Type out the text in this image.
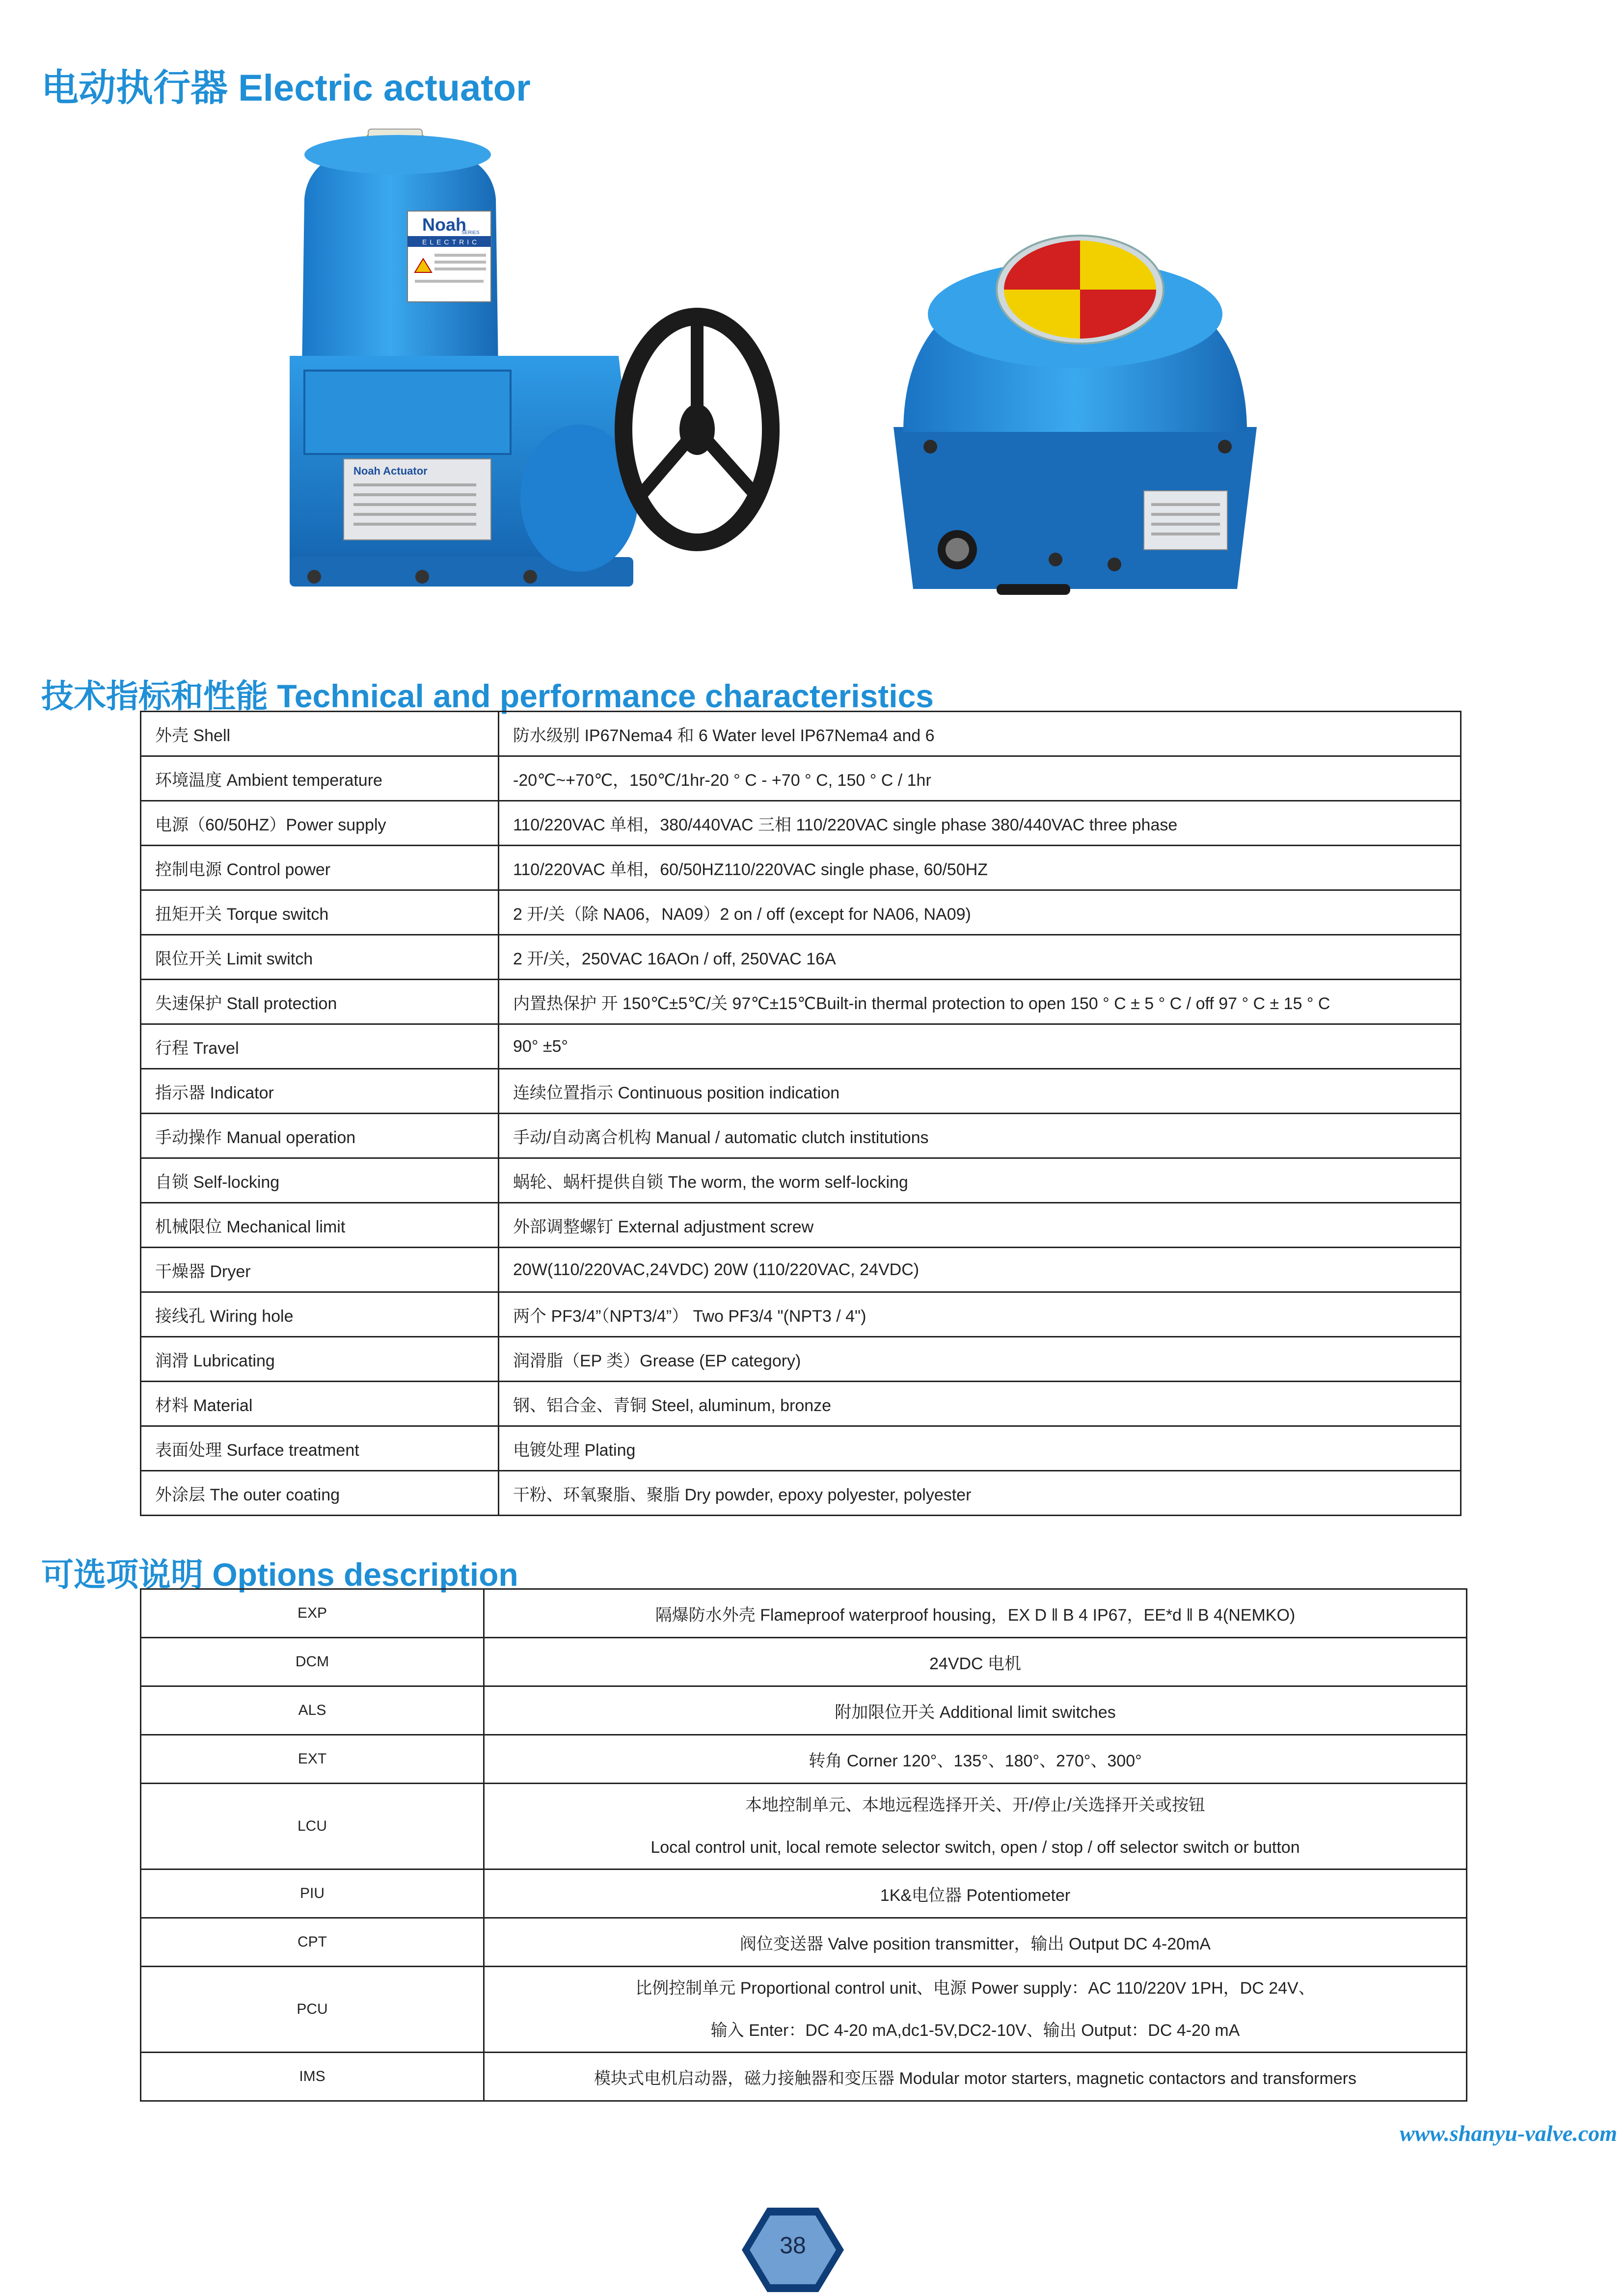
电动执行器 Electric actuator
Noah
SERIES
ELECTRIC
Noah Actuator
技术指标和性能 Technical and performance characteristics
外壳 Shell	防水级别 IP67Nema4 和 6 Water level IP67Nema4 and 6
环境温度 Ambient temperature	-20℃~+70℃，150℃/1hr-20 ° C - +70 ° C, 150 ° C / 1hr
电源（60/50HZ）Power supply	110/220VAC 单相，380/440VAC 三相 110/220VAC single phase 380/440VAC three phase
控制电源 Control power	110/220VAC 单相，60/50HZ110/220VAC single phase, 60/50HZ
扭矩开关 Torque switch	2 开/关（除 NA06，NA09）2 on / off (except for NA06, NA09)
限位开关 Limit switch	2 开/关，250VAC 16AOn / off, 250VAC 16A
失速保护 Stall protection	内置热保护 开 150℃±5℃/关 97℃±15℃Built-in thermal protection to open 150 ° C ± 5 ° C / off 97 ° C ± 15 ° C
行程 Travel	90° ±5°
指示器 Indicator	连续位置指示 Continuous position indication
手动操作 Manual operation	手动/自动离合机构 Manual / automatic clutch institutions
自锁 Self-locking	蜗轮、蜗杆提供自锁 The worm, the worm self-locking
机械限位 Mechanical limit	外部调整螺钉 External adjustment screw
干燥器 Dryer	20W(110/220VAC,24VDC) 20W (110/220VAC, 24VDC)
接线孔 Wiring hole	两个 PF3/4”（NPT3/4”） Two PF3/4 "(NPT3 / 4")
润滑 Lubricating	润滑脂（EP 类）Grease (EP category)
材料 Material	钢、铝合金、青铜 Steel, aluminum, bronze
表面处理 Surface treatment	电镀处理 Plating
外涂层 The outer coating	干粉、环氧聚脂、聚脂 Dry powder, epoxy polyester, polyester
可选项说明 Options description
EXP	隔爆防水外壳 Flameproof waterproof housing，EX D ‖ B 4 IP67，EE*d ‖ B 4(NEMKO)
DCM	24VDC 电机
ALS	附加限位开关 Additional limit switches
EXT	转角 Corner 120°、135°、180°、270°、300°
LCU	本地控制单元、本地远程选择开关、开/停止/关选择开关或按钮
Local control unit, local remote selector switch, open / stop / off selector switch or button

PIU	1K&电位器 Potentiometer
CPT	阀位变送器 Valve position transmitter，输出 Output DC 4-20mA
PCU	比例控制单元 Proportional control unit、电源 Power supply：AC 110/220V 1PH，DC 24V、
输入 Enter：DC 4-20 mA,dc1-5V,DC2-10V、输出 Output：DC 4-20 mA

IMS	模块式电机启动器，磁力接触器和变压器 Modular motor starters, magnetic contactors and transformers
www.shanyu-valve.com
38
